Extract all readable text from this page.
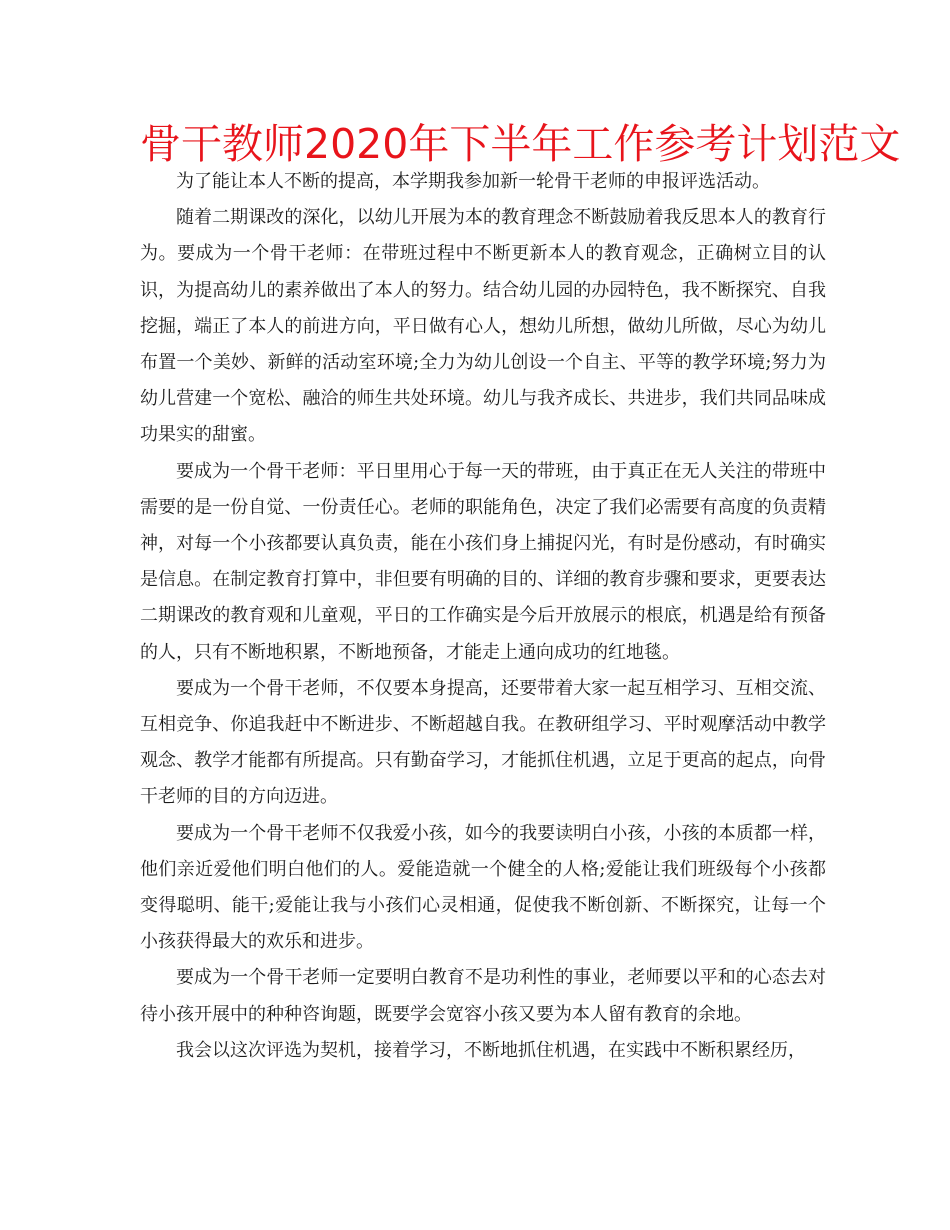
骨干教师2020年下半年工作参考计划范文

为了能让本人不断的提高，本学期我参加新一轮骨干老师的申报评选活动。

随着二期课改的深化，以幼儿开展为本的教育理念不断鼓励着我反思本人的教育行为。要成为一个骨干老师：在带班过程中不断更新本人的教育观念，正确树立目的认识，为提高幼儿的素养做出了本人的努力。结合幼儿园的办园特色，我不断探究、自我挖掘，端正了本人的前进方向，平日做有心人，想幼儿所想，做幼儿所做，尽心为幼儿布置一个美妙、新鲜的活动室环境;全力为幼儿创设一个自主、平等的教学环境;努力为幼儿营建一个宽松、融洽的师生共处环境。幼儿与我齐成长、共进步，我们共同品味成功果实的甜蜜。

要成为一个骨干老师：平日里用心于每一天的带班，由于真正在无人关注的带班中需要的是一份自觉、一份责任心。老师的职能角色，决定了我们必需要有高度的负责精神，对每一个小孩都要认真负责，能在小孩们身上捕捉闪光，有时是份感动，有时确实是信息。在制定教育打算中，非但要有明确的目的、详细的教育步骤和要求，更要表达二期课改的教育观和儿童观，平日的工作确实是今后开放展示的根底，机遇是给有预备的人，只有不断地积累，不断地预备，才能走上通向成功的红地毯。

要成为一个骨干老师，不仅要本身提高，还要带着大家一起互相学习、互相交流、互相竞争、你追我赶中不断进步、不断超越自我。在教研组学习、平时观摩活动中教学观念、教学才能都有所提高。只有勤奋学习，才能抓住机遇，立足于更高的起点，向骨干老师的目的方向迈进。

要成为一个骨干老师不仅我爱小孩，如今的我要读明白小孩，小孩的本质都一样，他们亲近爱他们明白他们的人。爱能造就一个健全的人格;爱能让我们班级每个小孩都变得聪明、能干;爱能让我与小孩们心灵相通，促使我不断创新、不断探究，让每一个小孩获得最大的欢乐和进步。

要成为一个骨干老师一定要明白教育不是功利性的事业，老师要以平和的心态去对待小孩开展中的种种咨询题，既要学会宽容小孩又要为本人留有教育的余地。

我会以这次评选为契机，接着学习，不断地抓住机遇，在实践中不断积累经历，
